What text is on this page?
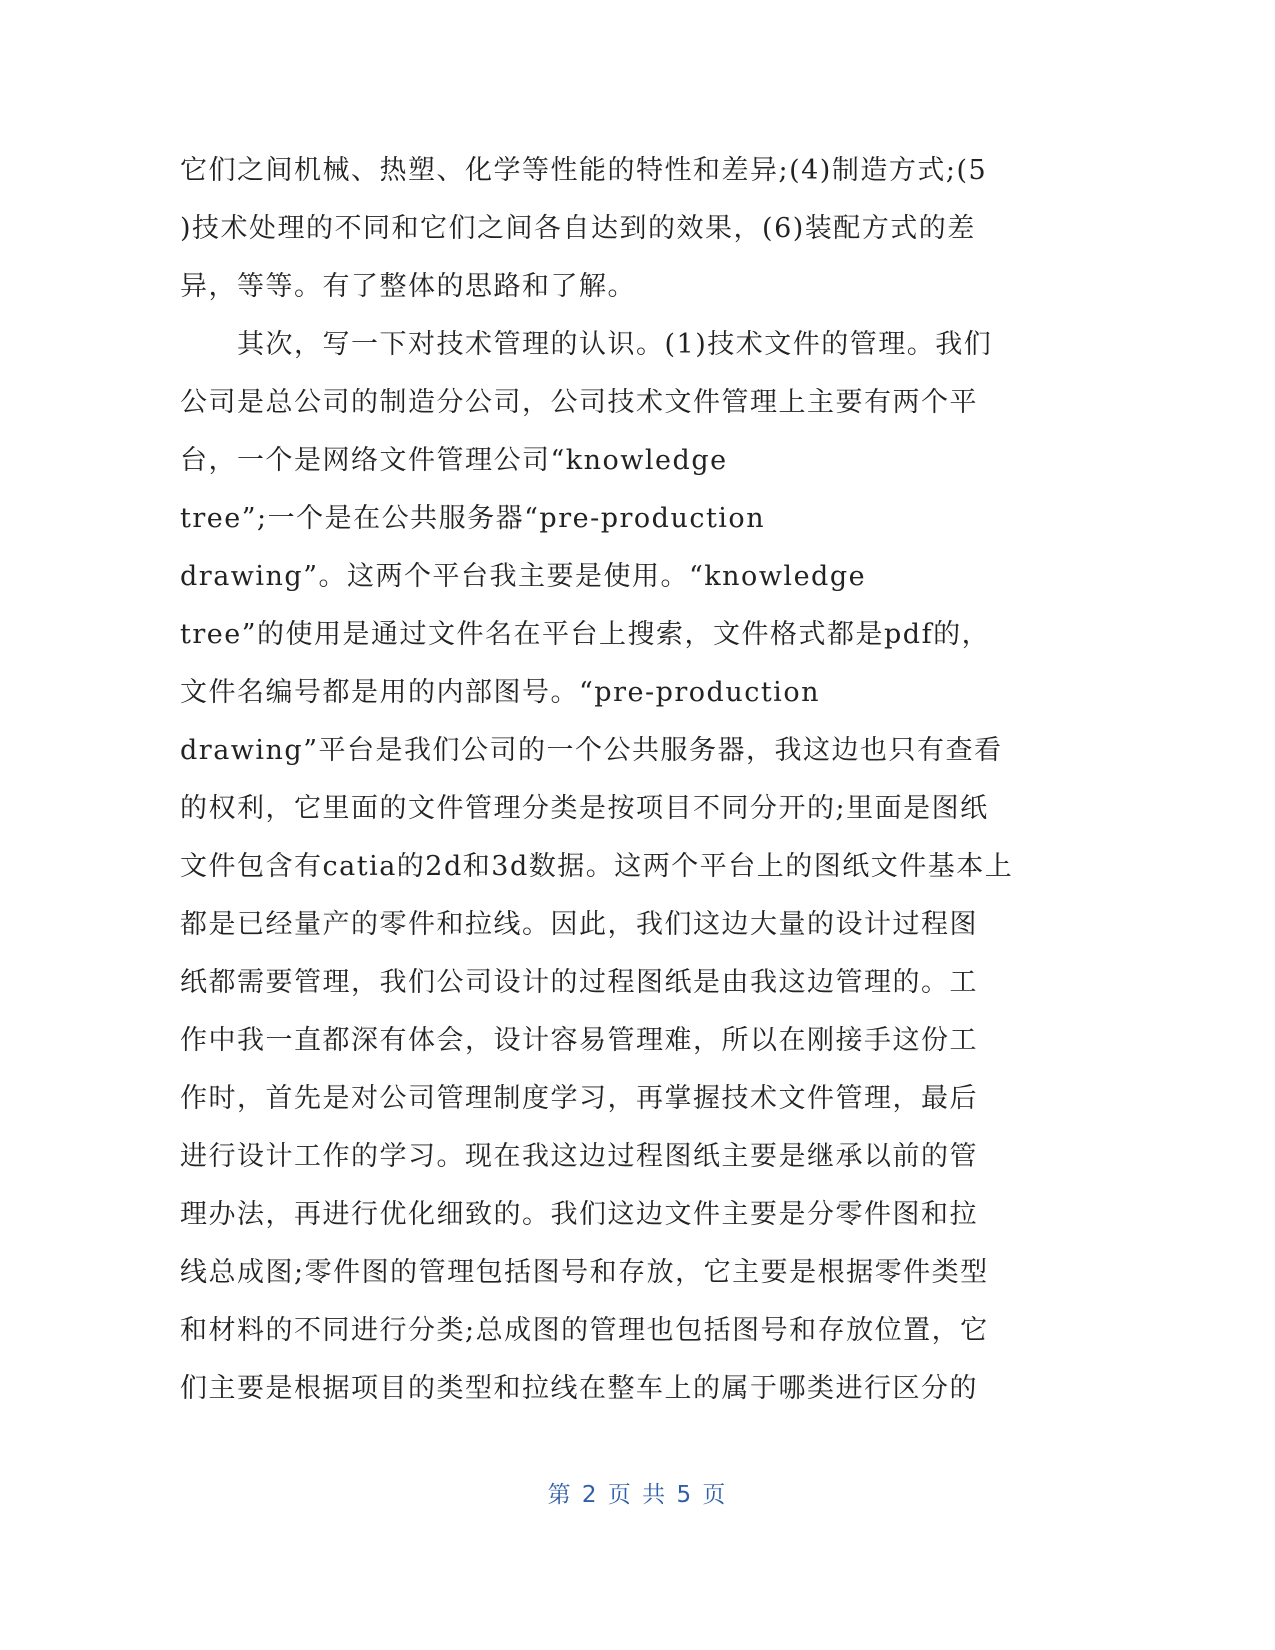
它们之间机械、热塑、化学等性能的特性和差异;(4)制造方式;(5
)技术处理的不同和它们之间各自达到的效果，(6)装配方式的差
异，等等。有了整体的思路和了解。
　　其次，写一下对技术管理的认识。(1)技术文件的管理。我们
公司是总公司的制造分公司，公司技术文件管理上主要有两个平
台，一个是网络文件管理公司“knowledge
tree”;一个是在公共服务器“pre-production
drawing”。这两个平台我主要是使用。“knowledge
tree”的使用是通过文件名在平台上搜索，文件格式都是pdf的，
文件名编号都是用的内部图号。“pre-production
drawing”平台是我们公司的一个公共服务器，我这边也只有查看
的权利，它里面的文件管理分类是按项目不同分开的;里面是图纸
文件包含有catia的2d和3d数据。这两个平台上的图纸文件基本上
都是已经量产的零件和拉线。因此，我们这边大量的设计过程图
纸都需要管理，我们公司设计的过程图纸是由我这边管理的。工
作中我一直都深有体会，设计容易管理难，所以在刚接手这份工
作时，首先是对公司管理制度学习，再掌握技术文件管理，最后
进行设计工作的学习。现在我这边过程图纸主要是继承以前的管
理办法，再进行优化细致的。我们这边文件主要是分零件图和拉
线总成图;零件图的管理包括图号和存放，它主要是根据零件类型
和材料的不同进行分类;总成图的管理也包括图号和存放位置，它
们主要是根据项目的类型和拉线在整车上的属于哪类进行区分的
第 2 页 共 5 页
